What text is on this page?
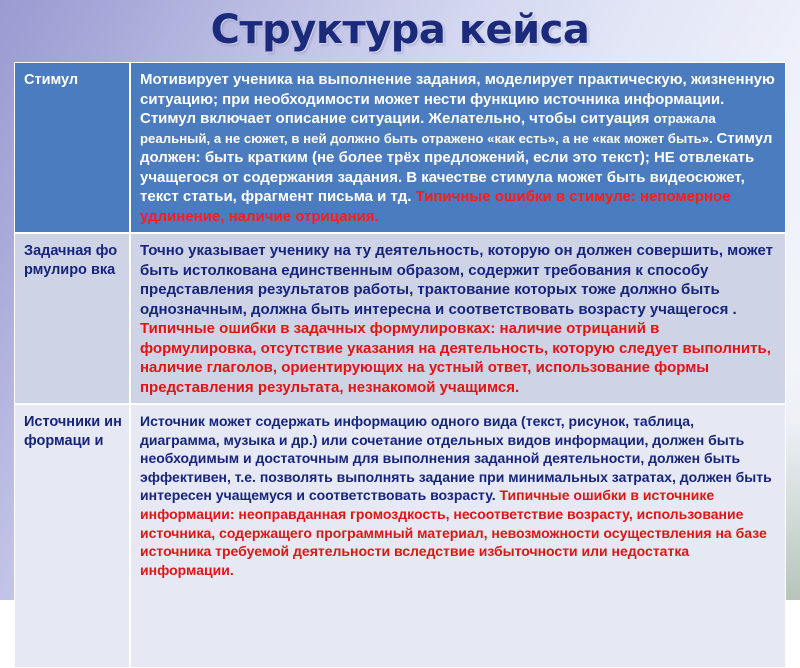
Структура кейса
Стимул	Мотивирует ученика на выполнение задания, моделирует практическую, жизненную ситуацию; при необходимости может нести функцию источника информации. Стимул включает описание ситуации. Желательно, чтобы ситуация отражала реальный, а не сюжет, в ней должно быть отражено «как есть», а не «как может быть». Стимул должен: быть кратким (не более трёх предложений, если это текст); НЕ отвлекать учащегося от содержания задания. В качестве стимула может быть видеосюжет, текст статьи, фрагмент письма и тд. Типичные ошибки в стимуле: непомерное удлинение, наличие отрицания.
Задачная формулиро вка	Точно указывает ученику на ту деятельность, которую он должен совершить, может быть истолкована единственным образом, содержит требования к способу представления результатов работы, трактование которых тоже должно быть однозначным, должна быть интересна и соответствовать возрасту учащегося . Типичные ошибки в задачных формулировках: наличие отрицаний в формулировка, отсутствие указания на деятельность, которую следует выполнить, наличие глаголов, ориентирующих на устный ответ, использование формы представления результата, незнакомой учащимся.
Источники информаци и	Источник может содержать информацию одного вида (текст, рисунок, таблица, диаграмма, музыка и др.) или сочетание отдельных видов информации, должен быть необходимым и достаточным для выполнения заданной деятельности, должен быть эффективен, т.е. позволять выполнять задание при минимальных затратах, должен быть интересен учащемуся и соответствовать возрасту. Типичные ошибки в источнике информации: неоправданная громоздкость, несоответствие возрасту, использование источника, содержащего программный материал, невозможности осуществления на базе источника требуемой деятельности вследствие избыточности или недостатка информации.
